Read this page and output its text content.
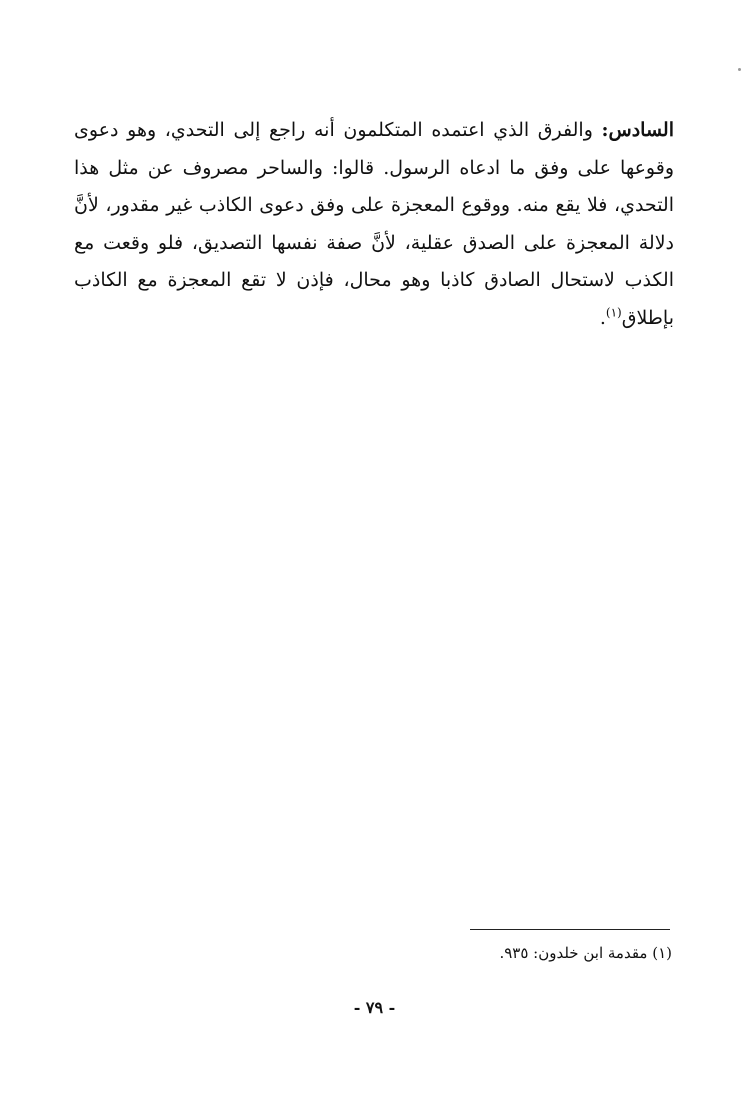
السادس: والفرق الذي اعتمده المتكلمون أنه راجع إلى التحدي، وهو دعوى وقوعها على وفق ما ادعاه الرسول. قالوا: والساحر مصروف عن مثل هذا التحدي، فلا يقع منه. ووقوع المعجزة على وفق دعوى الكاذب غير مقدور، لأنَّ دلالة المعجزة على الصدق عقلية، لأنَّ صفة نفسها التصديق، فلو وقعت مع الكذب لاستحال الصادق كاذبا وهو محال، فإذن لا تقع المعجزة مع الكاذب بإطلاق$^{(١)}$.

(١) مقدمة ابن خلدون: ٩٣٥.
- ٧٩ -
